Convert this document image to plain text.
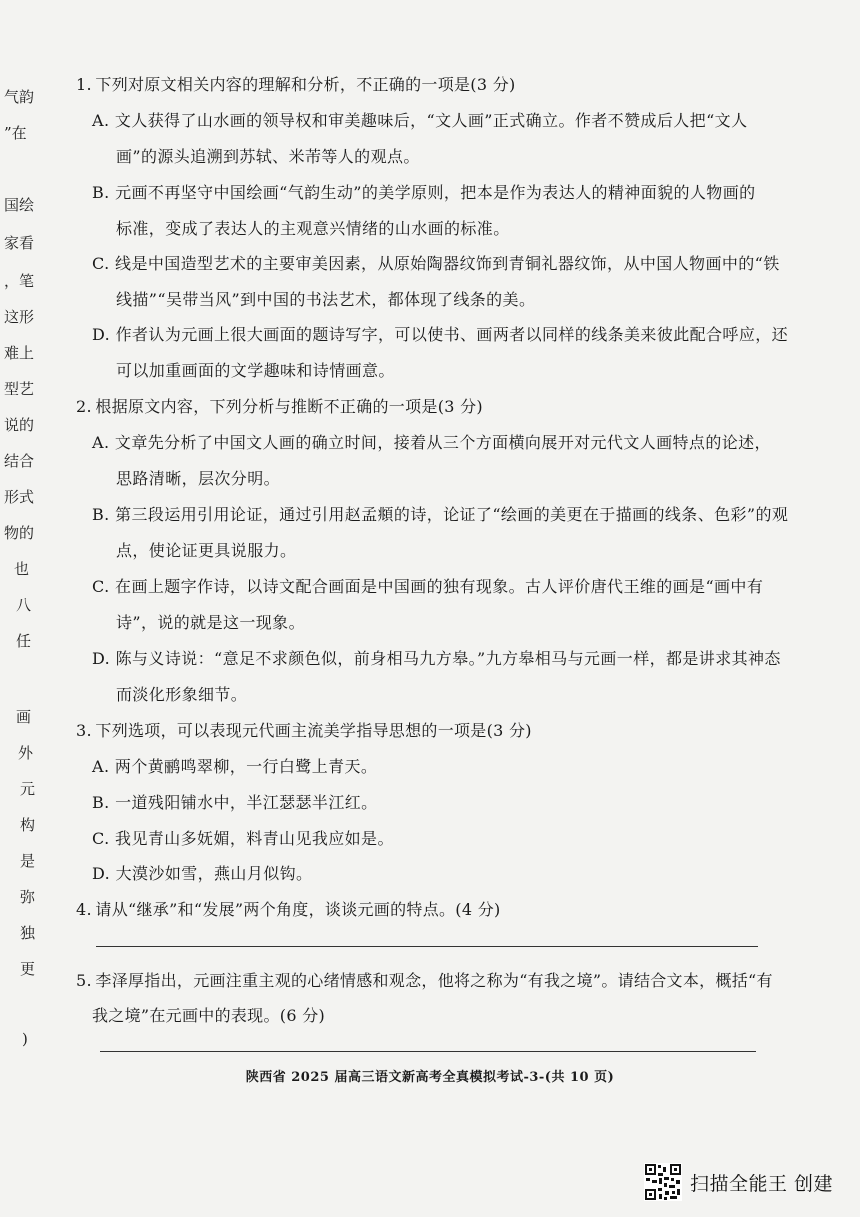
气韵
”在
国绘
家看
，笔
这形
难上
型艺
说的
结合
形式
物的
也
八
任
画
外
元
构
是
弥
独
更
)
1. 下列对原文相关内容的理解和分析，不正确的一项是(3 分)
A. 文人获得了山水画的领导权和审美趣味后，“文人画”正式确立。作者不赞成后人把“文人
画”的源头追溯到苏轼、米芾等人的观点。
B. 元画不再坚守中国绘画“气韵生动”的美学原则，把本是作为表达人的精神面貌的人物画的
标准，变成了表达人的主观意兴情绪的山水画的标准。
C. 线是中国造型艺术的主要审美因素，从原始陶器纹饰到青铜礼器纹饰，从中国人物画中的“铁
线描”“吴带当风”到中国的书法艺术，都体现了线条的美。
D. 作者认为元画上很大画面的题诗写字，可以使书、画两者以同样的线条美来彼此配合呼应，还
可以加重画面的文学趣味和诗情画意。
2. 根据原文内容，下列分析与推断不正确的一项是(3 分)
A. 文章先分析了中国文人画的确立时间，接着从三个方面横向展开对元代文人画特点的论述，
思路清晰，层次分明。
B. 第三段运用引用论证，通过引用赵孟頫的诗，论证了“绘画的美更在于描画的线条、色彩”的观
点，使论证更具说服力。
C. 在画上题字作诗，以诗文配合画面是中国画的独有现象。古人评价唐代王维的画是“画中有
诗”，说的就是这一现象。
D. 陈与义诗说：“意足不求颜色似，前身相马九方皋。”九方皋相马与元画一样，都是讲求其神态
而淡化形象细节。
3. 下列选项，可以表现元代画主流美学指导思想的一项是(3 分)
A. 两个黄鹂鸣翠柳，一行白鹭上青天。
B. 一道残阳铺水中，半江瑟瑟半江红。
C. 我见青山多妩媚，料青山见我应如是。
D. 大漠沙如雪，燕山月似钩。
4. 请从“继承”和“发展”两个角度，谈谈元画的特点。(4 分)
5. 李泽厚指出，元画注重主观的心绪情感和观念，他将之称为“有我之境”。请结合文本，概括“有
我之境”在元画中的表现。(6 分)
陕西省 2025 届高三语文新高考全真模拟考试-3-(共 10 页)
扫描全能王 创建
